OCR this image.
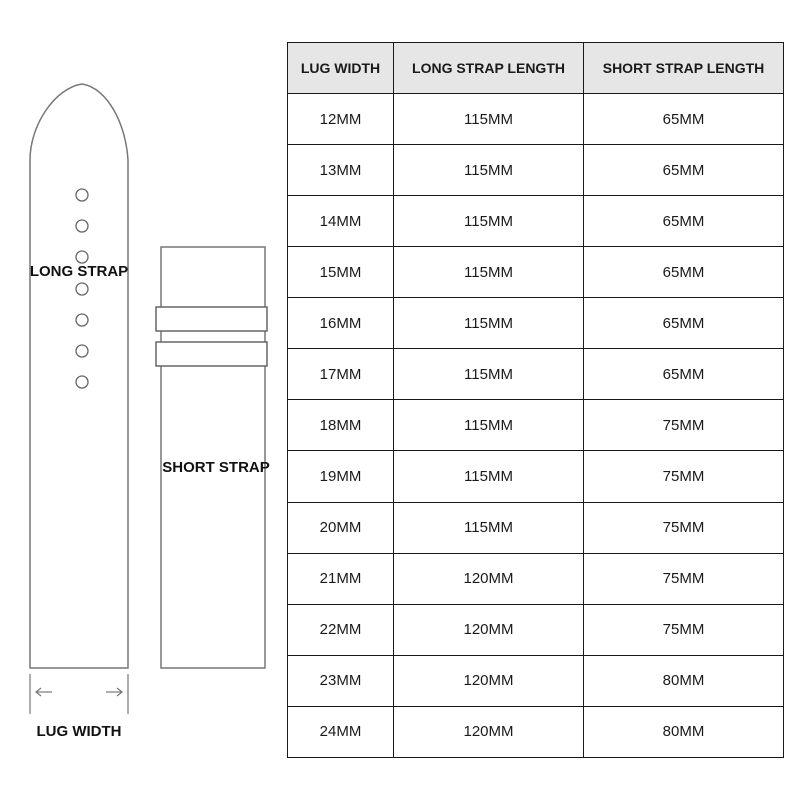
LONG STRAP
SHORT STRAP
LUG WIDTH
LUG WIDTH	LONG STRAP LENGTH	SHORT STRAP LENGTH
12MM	115MM	65MM
13MM	115MM	65MM
14MM	115MM	65MM
15MM	115MM	65MM
16MM	115MM	65MM
17MM	115MM	65MM
18MM	115MM	75MM
19MM	115MM	75MM
20MM	115MM	75MM
21MM	120MM	75MM
22MM	120MM	75MM
23MM	120MM	80MM
24MM	120MM	80MM
